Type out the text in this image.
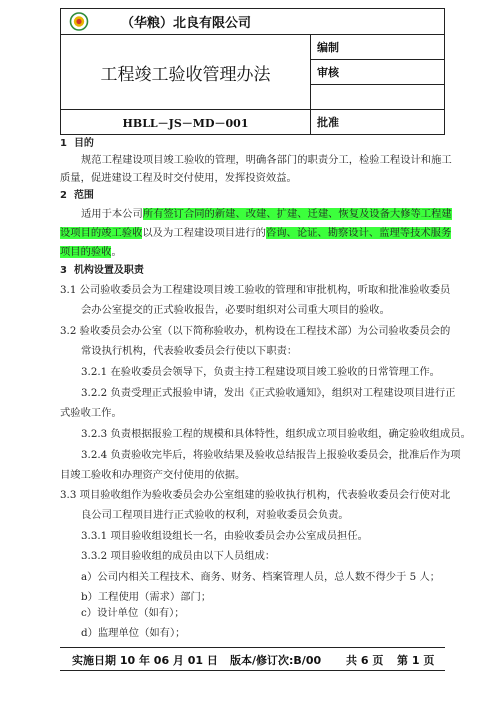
（华粮）北良有限公司
工程竣工验收管理办法
HBLL－JS－MD－001
编制
审核
批准
1 目的
规范工程建设项目竣工验收的管理，明确各部门的职责分工，检验工程设计和施工
质量，促进建设工程及时交付使用，发挥投资效益。
2 范围
适用于本公司所有签订合同的新建、改建、扩建、迁建、恢复及设备大修等工程建
设项目的竣工验收以及为工程建设项目进行的咨询、论证、勘察设计、监理等技术服务
项目的验收。
3 机构设置及职责
3.1 公司验收委员会为工程建设项目竣工验收的管理和审批机构，听取和批准验收委员
会办公室提交的正式验收报告，必要时组织对公司重大项目的验收。
3.2 验收委员会办公室（以下简称验收办，机构设在工程技术部）为公司验收委员会的
常设执行机构，代表验收委员会行使以下职责：
3.2.1 在验收委员会领导下，负责主持工程建设项目竣工验收的日常管理工作。
3.2.2 负责受理正式报验申请，发出《正式验收通知》，组织对工程建设项目进行正
式验收工作。
3.2.3 负责根据报验工程的规模和具体特性，组织成立项目验收组，确定验收组成员。
3.2.4 负责验收完毕后，将验收结果及验收总结报告上报验收委员会，批准后作为项
目竣工验收和办理资产交付使用的依据。
3.3 项目验收组作为验收委员会办公室组建的验收执行机构，代表验收委员会行使对北
良公司工程项目进行正式验收的权利，对验收委员会负责。
3.3.1 项目验收组设组长一名，由验收委员会办公室成员担任。
3.3.2 项目验收组的成员由以下人员组成：
a）公司内相关工程技术、商务、财务、档案管理人员，总人数不得少于 5 人；
b）工程使用（需求）部门；
实施日期 10 年 06 月 01 日 版本/修订次:B/00 共 6 页 第 1 页
c）设计单位（如有）；
d）监理单位（如有）；
